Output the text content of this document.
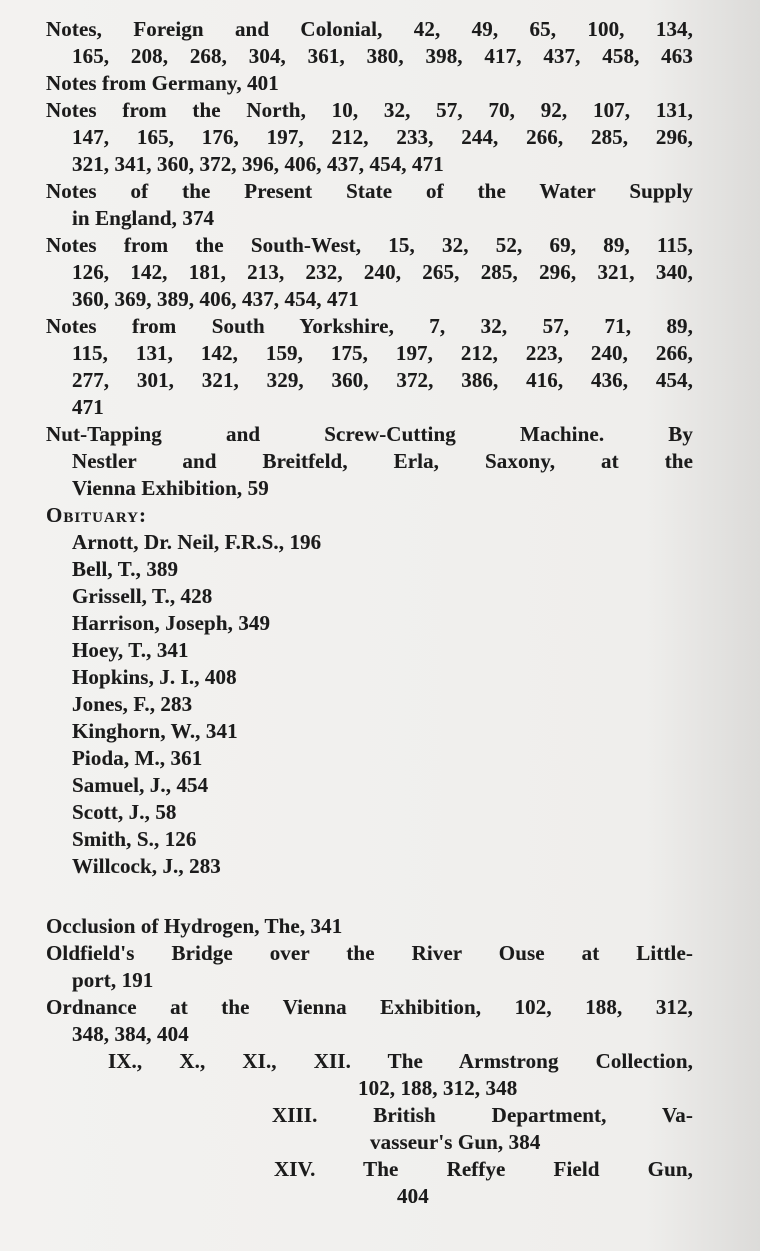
Notes, Foreign and Colonial, 42, 49, 65, 100, 134,
165, 208, 268, 304, 361, 380, 398, 417, 437, 458, 463
Notes from Germany, 401
Notes from the North, 10, 32, 57, 70, 92, 107, 131,
147, 165, 176, 197, 212, 233, 244, 266, 285, 296,
321, 341, 360, 372, 396, 406, 437, 454, 471
Notes of the Present State of the Water Supply
in England, 374
Notes from the South-West, 15, 32, 52, 69, 89, 115,
126, 142, 181, 213, 232, 240, 265, 285, 296, 321, 340,
360, 369, 389, 406, 437, 454, 471
Notes from South Yorkshire, 7, 32, 57, 71, 89,
115, 131, 142, 159, 175, 197, 212, 223, 240, 266,
277, 301, 321, 329, 360, 372, 386, 416, 436, 454,
471
Nut-Tapping and Screw-Cutting Machine. By
Nestler and Breitfeld, Erla, Saxony, at the
Vienna Exhibition, 59
Obituary:
Arnott, Dr. Neil, F.R.S., 196
Bell, T., 389
Grissell, T., 428
Harrison, Joseph, 349
Hoey, T., 341
Hopkins, J. I., 408
Jones, F., 283
Kinghorn, W., 341
Pioda, M., 361
Samuel, J., 454
Scott, J., 58
Smith, S., 126
Willcock, J., 283
Occlusion of Hydrogen, The, 341
Oldfield's Bridge over the River Ouse at Little-
port, 191
Ordnance at the Vienna Exhibition, 102, 188, 312,
348, 384, 404
IX., X., XI., XII. The Armstrong Collection,
102, 188, 312, 348
XIII. British Department, Va-
vasseur's Gun, 384
XIV. The Reffye Field Gun,
404
